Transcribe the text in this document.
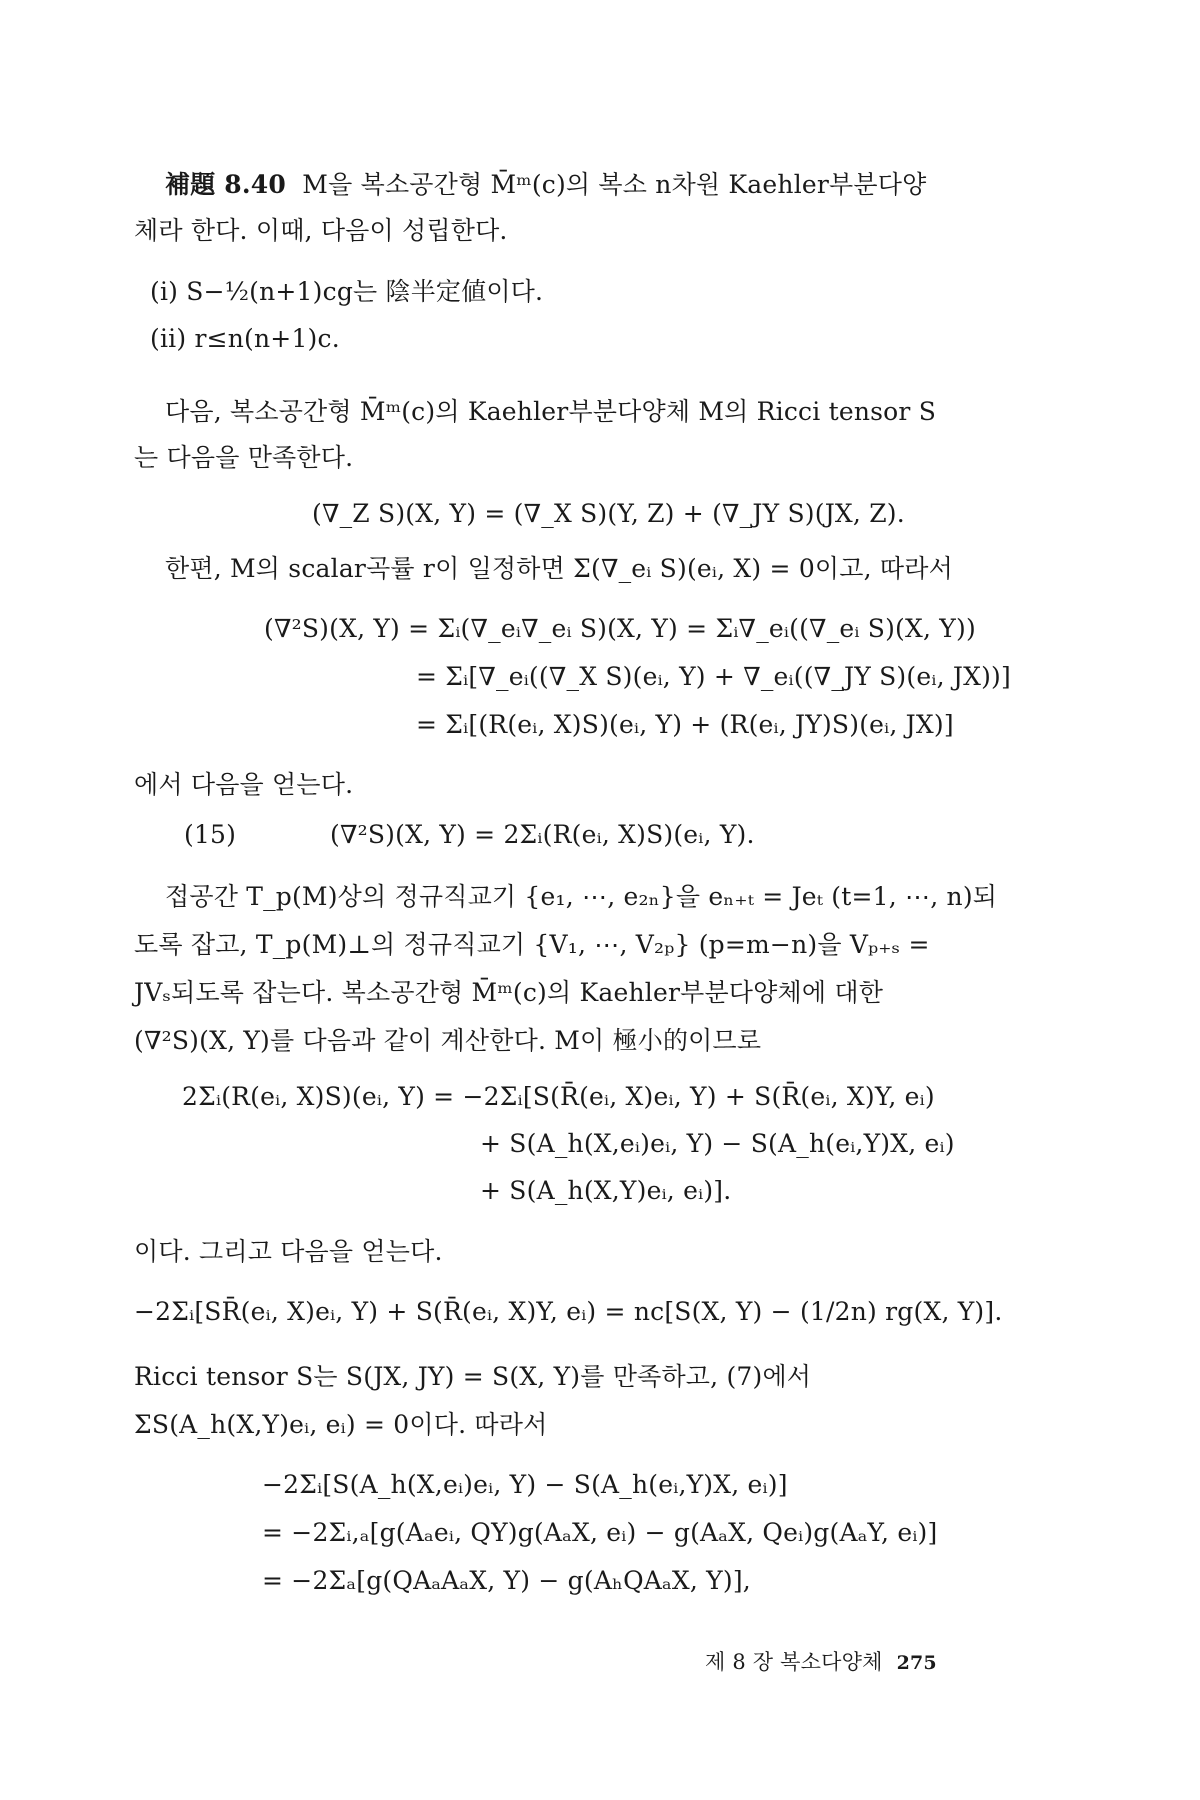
補題 8.40 M을 복소공간형 M̄ᵐ(c)의 복소 n차원 Kaehler부분다양
체라 한다. 이때, 다음이 성립한다.
(i) S−½(n+1)cg는 陰半定値이다.
(ii) r≤n(n+1)c.
다음, 복소공간형 M̄ᵐ(c)의 Kaehler부분다양체 M의 Ricci tensor S
는 다음을 만족한다.
(∇_Z S)(X, Y) = (∇_X S)(Y, Z) + (∇_JY S)(JX, Z).
한편, M의 scalar곡률 r이 일정하면 Σ(∇_eᵢ S)(eᵢ, X) = 0이고, 따라서
(∇²S)(X, Y) = Σᵢ(∇_eᵢ∇_eᵢ S)(X, Y) = Σᵢ∇_eᵢ((∇_eᵢ S)(X, Y))
= Σᵢ[∇_eᵢ((∇_X S)(eᵢ, Y) + ∇_eᵢ((∇_JY S)(eᵢ, JX))]
= Σᵢ[(R(eᵢ, X)S)(eᵢ, Y) + (R(eᵢ, JY)S)(eᵢ, JX)]
에서 다음을 얻는다.
(15)	(∇²S)(X, Y) = 2Σᵢ(R(eᵢ, X)S)(eᵢ, Y).
접공간 T_p(M)상의 정규직교기 {e₁, ⋯, e₂ₙ}을 eₙ₊ₜ = Jeₜ (t=1, ⋯, n)되
도록 잡고, T_p(M)⊥의 정규직교기 {V₁, ⋯, V₂ₚ} (p=m−n)을 Vₚ₊ₛ =
JVₛ되도록 잡는다. 복소공간형 M̄ᵐ(c)의 Kaehler부분다양체에 대한
(∇²S)(X, Y)를 다음과 같이 계산한다. M이 極小的이므로
2Σᵢ(R(eᵢ, X)S)(eᵢ, Y) = −2Σᵢ[S(R̄(eᵢ, X)eᵢ, Y) + S(R̄(eᵢ, X)Y, eᵢ)
+ S(A_h(X,eᵢ)eᵢ, Y) − S(A_h(eᵢ,Y)X, eᵢ)
+ S(A_h(X,Y)eᵢ, eᵢ)].
이다. 그리고 다음을 얻는다.
−2Σᵢ[SR̄(eᵢ, X)eᵢ, Y) + S(R̄(eᵢ, X)Y, eᵢ) = nc[S(X, Y) − (1/2n) rg(X, Y)].
Ricci tensor S는 S(JX, JY) = S(X, Y)를 만족하고, (7)에서
ΣS(A_h(X,Y)eᵢ, eᵢ) = 0이다. 따라서
−2Σᵢ[S(A_h(X,eᵢ)eᵢ, Y) − S(A_h(eᵢ,Y)X, eᵢ)]
= −2Σᵢ,ₐ[g(Aₐeᵢ, QY)g(AₐX, eᵢ) − g(AₐX, Qeᵢ)g(AₐY, eᵢ)]
= −2Σₐ[g(QAₐAₐX, Y) − g(AₕQAₐX, Y)],
제 8 장 복소다양체 275
